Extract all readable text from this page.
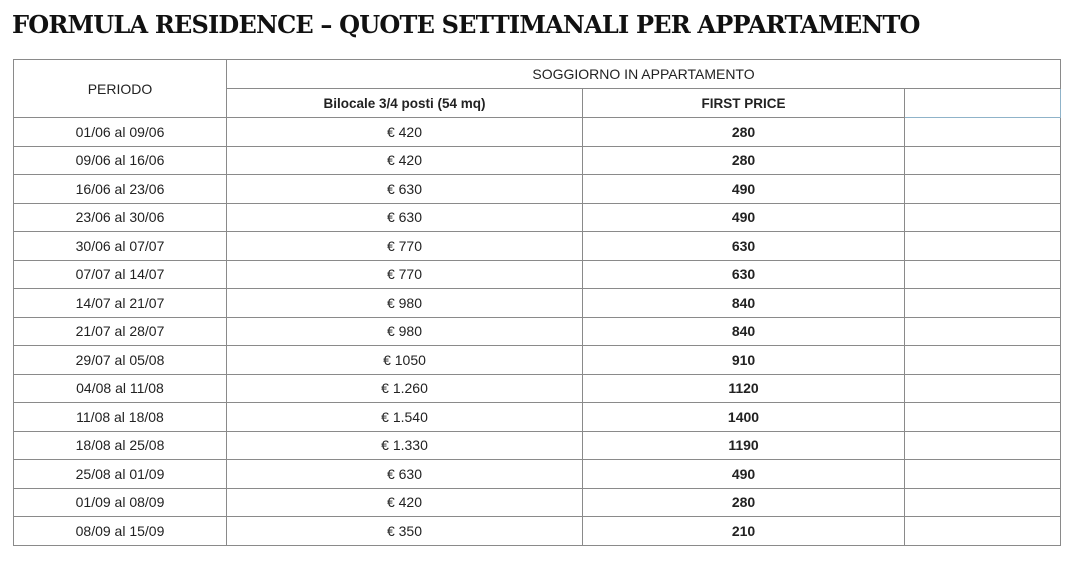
FORMULA RESIDENCE – QUOTE SETTIMANALI PER APPARTAMENTO
PERIODO	SOGGIORNO IN APPARTAMENTO		
	Bilocale 3/4 posti (54 mq)	FIRST PRICE	
01/06 al 09/06	€ 420	280	
09/06 al 16/06	€ 420	280	
16/06 al 23/06	€ 630	490	
23/06 al 30/06	€ 630	490	
30/06 al 07/07	€ 770	630	
07/07 al 14/07	€ 770	630	
14/07 al 21/07	€ 980	840	
21/07 al 28/07	€ 980	840	
29/07 al 05/08	€ 1050	910	
04/08 al 11/08	€ 1.260	1120	
11/08 al 18/08	€ 1.540	1400	
18/08 al 25/08	€ 1.330	1190	
25/08 al 01/09	€ 630	490	
01/09 al 08/09	€ 420	280	
08/09 al 15/09	€ 350	210	
